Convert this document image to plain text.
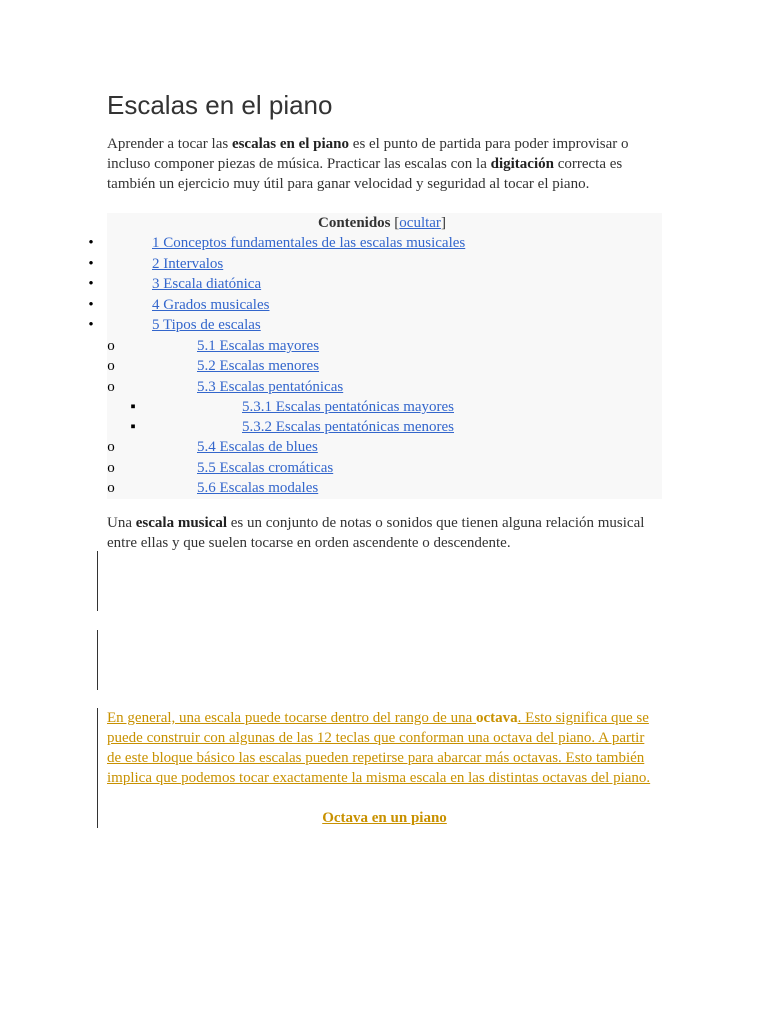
Escalas en el piano
Aprender a tocar las escalas en el piano es el punto de partida para poder improvisar o incluso componer piezas de música. Practicar las escalas con la digitación correcta es también un ejercicio muy útil para ganar velocidad y seguridad al tocar el piano.
Contenidos [ocultar]
•	1 Conceptos fundamentales de las escalas musicales
•	2 Intervalos
•	3 Escala diatónica
•	4 Grados musicales
•	5 Tipos de escalas
o	5.1 Escalas mayores
o	5.2 Escalas menores
o	5.3 Escalas pentatónicas
▪	5.3.1 Escalas pentatónicas mayores
▪	5.3.2 Escalas pentatónicas menores
o	5.4 Escalas de blues
o	5.5 Escalas cromáticas
o	5.6 Escalas modales
Una escala musical es un conjunto de notas o sonidos que tienen alguna relación musical entre ellas y que suelen tocarse en orden ascendente o descendente.
En general, una escala puede tocarse dentro del rango de una octava. Esto significa que se puede construir con algunas de las 12 teclas que conforman una octava del piano. A partir de este bloque básico las escalas pueden repetirse para abarcar más octavas. Esto también implica que podemos tocar exactamente la misma escala en las distintas octavas del piano.
Octava en un piano
